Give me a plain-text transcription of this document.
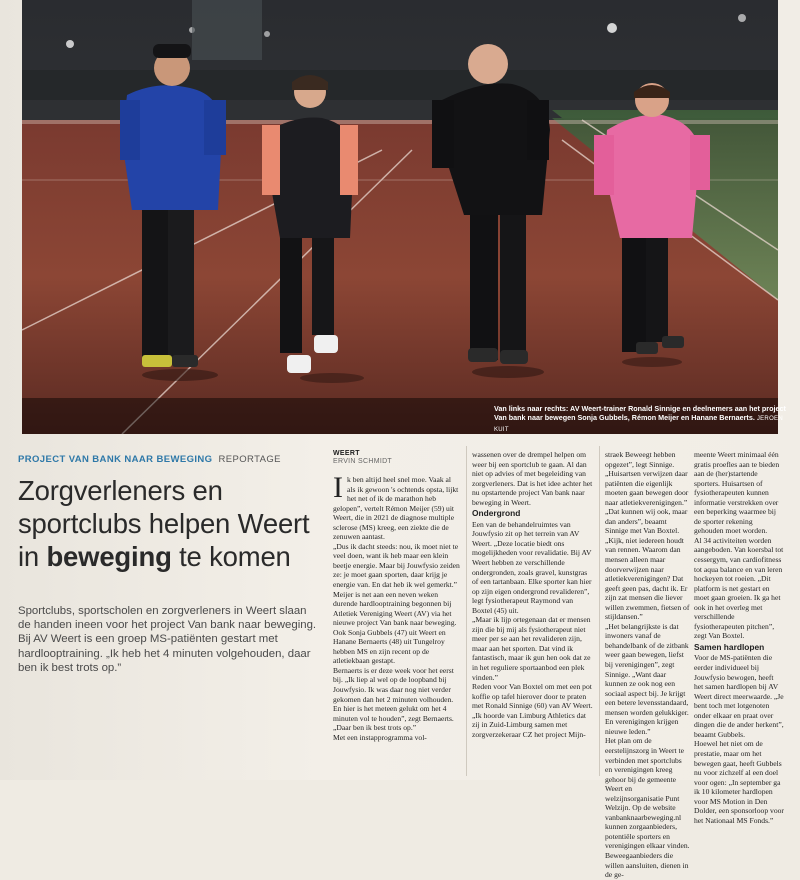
Van links naar rechts: AV Weert-trainer Ronald Sinnige en deelnemers aan het project Van bank naar bewegen Sonja Gubbels, Rémon Meijer en Hanane Bernaerts. JEROEN KUIT
PROJECT VAN BANK NAAR BEWEGING REPORTAGE
Zorgverleners en sportclubs helpen Weert in beweging te komen
Sportclubs, sportscholen en zorgverleners in Weert slaan de handen ineen voor het project Van bank naar beweging. Bij AV Weert is een groep MS-patiënten gestart met hardlooptraining. „Ik heb het 4 minuten volgehouden, daar ben ik best trots op.”
WEERT
ERVIN SCHMIDT

Ik ben altijd heel snel moe. Vaak al als ik gewoon 's ochtends opsta, lijkt het net of ik de marathon heb gelopen”, vertelt Rémon Meijer (59) uit Weert, die in 2021 de diagnose multiple sclerose (MS) kreeg, een ziekte die de zenuwen aantast.

„Dus ik dacht steeds: nou, ik moet niet te veel doen, want ik heb maar een klein beetje energie. Maar bij Jouwfysio zeiden ze: je moet gaan sporten, daar krijg je energie van. En dat heb ik wel gemerkt.”

Meijer is net aan een neven weken durende hardlooptraining begonnen bij Atletiek Vereniging Weert (AV) via het nieuwe project Van bank naar beweging. Ook Sonja Gubbels (47) uit Weert en Hanane Bernaerts (48) uit Tungelroy hebben MS en zijn recent op de atletiekbaan gestapt.

Bernaerts is er deze week voor het eerst bij. „Ik liep al wel op de loopband bij Jouwfysio. Ik was daar nog niet verder gekomen dan het 2 minuten volhouden. En hier is het meteen gelukt om het 4 minuten vol te houden”, zegt Bernaerts. „Daar ben ik best trots op.”

Met een instapprogramma vol-

wassenen over de drempel helpen om weer bij een sportclub te gaan. Al dan niet op advies of met begeleiding van zorgverleners. Dat is het idee achter het nu opstartende project Van bank naar beweging in Weert.

Ondergrond

Een van de behandelruimtes van Jouwfysio zit op het terrein van AV Weert. „Deze locatie biedt ons mogelijkheden voor revalidatie. Bij AV Weert hebben ze verschillende ondergronden, zoals gravel, kunstgras of een tartanbaan. Elke sporter kan hier op zijn eigen ondergrond revalideren”, legt fysiotherapeut Raymond van Boxtel (45) uit.

„Maar ik lijp ortegenaan dat er mensen zijn die bij mij als fysiotherapeut niet meer per se aan het revalideren zijn, maar aan het sporten. Dat vind ik fantastisch, maar ik gun hen ook dat ze in het reguliere sportaanbod een plek vinden.”

Reden voor Van Boxtel om met een pot koffie op tafel hierover door te praten met Ronald Sinnige (60) van AV Weert. „Ik hoorde van Limburg Athletics dat zij in Zuid-Limburg samen met zorgverzekeraar CZ het project Mijn-

straek Beweegt hebben opgezet”, legt Sinnige. „Huisartsen verwijzen daar patiënten die eigenlijk moeten gaan bewegen door naar atletiekverenigingen.”

„Dat kunnen wij ook, maar dan anders”, beaamt Sinnige met Van Boxtel. „Kijk, niet iedereen houdt van rennen. Waarom dan mensen alleen maar doorverwijzen naar atletiekverenigingen? Dat geeft geen pas, dacht ik. Er zijn zat mensen die liever willen zwemmen, fietsen of stijldansen.”

„Het belangrijkste is dat inwoners vanaf de behandelbank of de zitbank weer gaan bewegen, liefst bij verenigingen”, zegt Sinnige. „Want daar kunnen ze ook nog een sociaal aspect bij. Je krijgt een betere levensstandaard, mensen worden gelukkiger. En verenigingen krijgen nieuwe leden.”

Het plan om de eerstelijnszorg in Weert te verbinden met sportclubs en verenigingen kreeg gehoor bij de gemeente Weert en welzijnsorganisatie Punt Welzijn. Op de website vanbanknaarbeweging.nl kunnen zorgaanbieders, potentiële sporters en verenigingen elkaar vinden. Beweegaanbieders die willen aansluiten, dienen in de ge-

meente Weert minimaal één gratis proefles aan te bieden aan de (her)startende sporters. Huisartsen of fysiotherapeuten kunnen informatie verstrekken over een beperking waarmee bij de sporter rekening gehouden moet worden.

Al 34 activiteiten worden aangeboden. Van koersbal tot cessergym, van cardiofitness tot aqua balance en van leren hockeyen tot roeien. „Dit platform is net gestart en moet gaan groeien. Ik ga het ook in het overleg met verschillende fysiotherapeuten pitchen”, zegt Van Boxtel.

Samen hardlopen

Voor de MS-patiënten die eerder individueel bij Jouwfysio bewogen, heeft het samen hardlopen bij AV Weert direct meerwaarde. „Je bent toch met lotgenoten onder elkaar en praat over dingen die de ander herkent”, beaamt Gubbels.

Hoewel het niet om de prestatie, maar om het bewegen gaat, heeft Gubbels nu voor zichzelf al een doel voor ogen: „In september ga ik 10 kilometer hardlopen voor MS Motion in Den Dolder, een sponsorloop voor het Nationaal MS Fonds.”
